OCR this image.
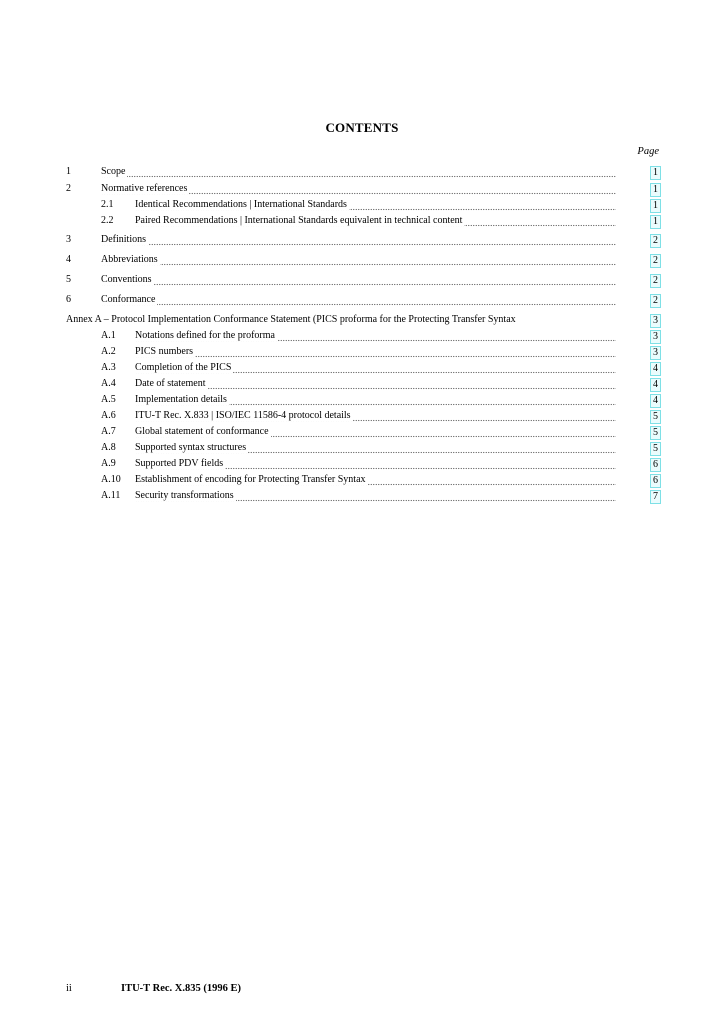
CONTENTS
Page
1	Scope	1
2	Normative references	1
2.1 Identical Recommendations | International Standards	1
2.2 Paired Recommendations | International Standards equivalent in technical content	1
3	Definitions	2
4	Abbreviations	2
5	Conventions	2
6	Conformance	2
Annex A – Protocol Implementation Conformance Statement (PICS proforma for the Protecting Transfer Syntax	3
A.1 Notations defined for the proforma	3
A.2 PICS numbers	3
A.3 Completion of the PICS	4
A.4 Date of statement	4
A.5 Implementation details	4
A.6 ITU-T Rec. X.833 | ISO/IEC 11586-4 protocol details	5
A.7 Global statement of conformance	5
A.8 Supported syntax structures	5
A.9 Supported PDV fields	6
A.10 Establishment of encoding for Protecting Transfer Syntax	6
A.11 Security transformations	7
ii	ITU-T Rec. X.835 (1996 E)
